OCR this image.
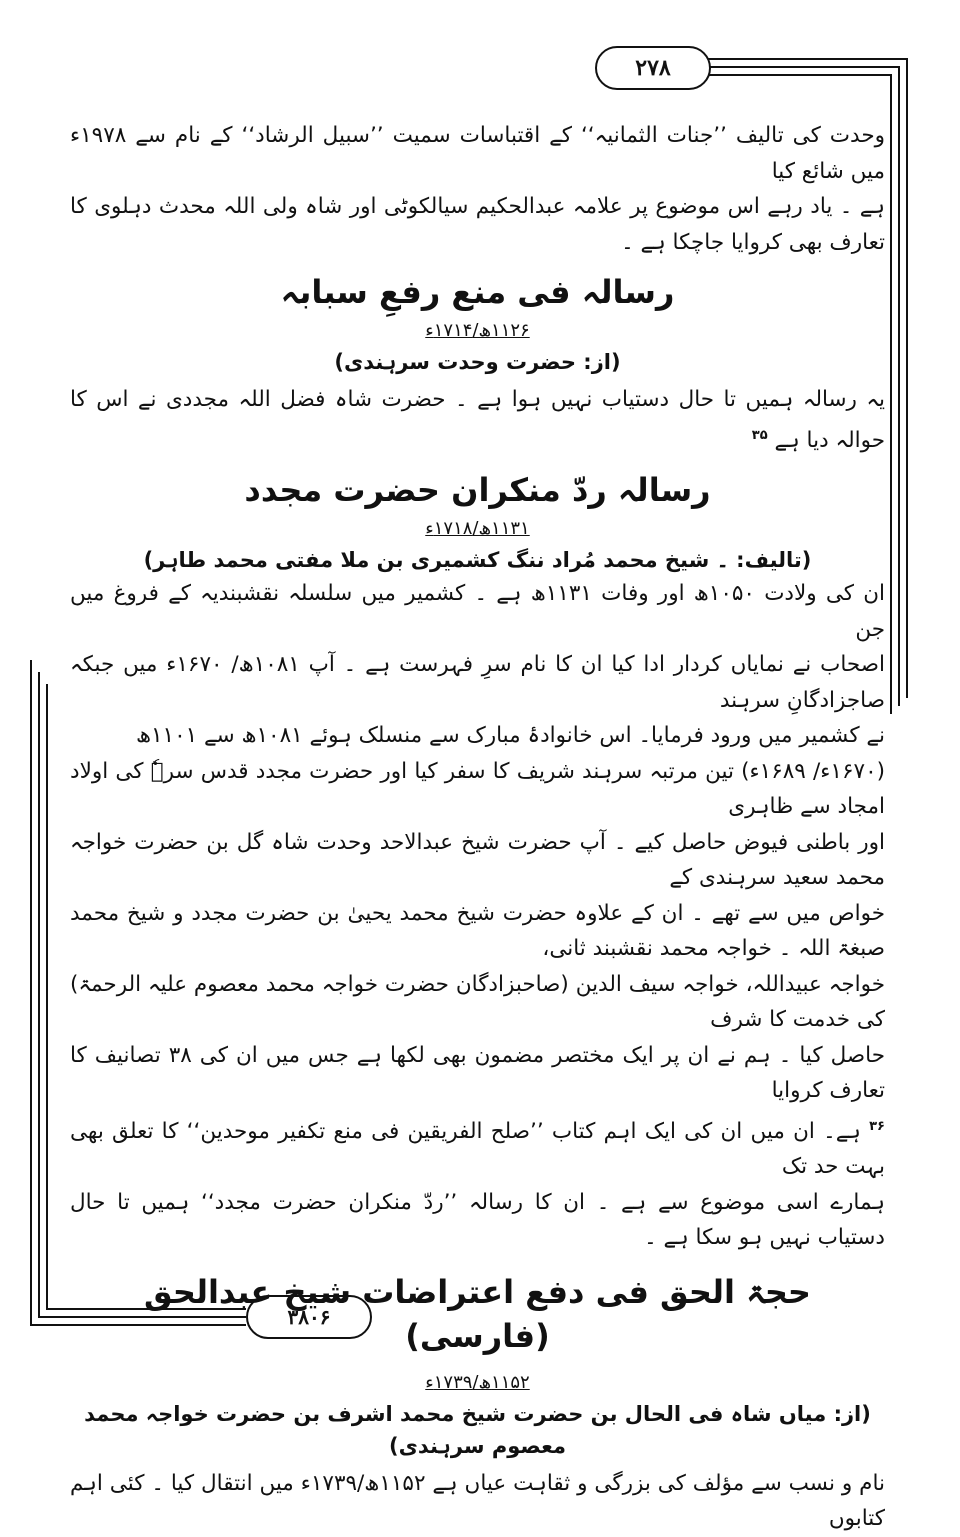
۲۷۸
۳۸۰۶

وحدت کی تالیف ’’جنات الثمانیہ‘‘ کے اقتباسات سمیت ’’سبیل الرشاد‘‘ کے نام سے ۱۹۷۸ء میں شائع کیا

ہے ۔ یاد رہے اس موضوع پر علامہ عبدالحکیم سیالکوٹی اور شاہ ولی اللہ محدث دہلوی کا تعارف بھی کروایا جاچکا ہے ۔

رسالہ فی منع رفعِ سبابہ
۱۱۲۶ھ/۱۷۱۴ء
(از: حضرت وحدت سرہندی)

یہ رسالہ ہمیں تا حال دستیاب نہیں ہوا ہے ۔ حضرت شاہ فضل اللہ مجددی نے اس کا حوالہ دیا ہے $^{۳۵}$

رسالہ ردّ منکران حضرت مجدد
۱۱۳۱ھ/۱۷۱۸ء
(تالیف: ۔ شیخ محمد مُراد ننگ کشمیری بن ملا مفتی محمد طاہر)

ان کی ولادت ۱۰۵۰ھ اور وفات ۱۱۳۱ھ ہے ۔ کشمیر میں سلسلہ نقشبندیہ کے فروغ میں جن

اصحاب نے نمایاں کردار ادا کیا ان کا نام سرِ فہرست ہے ۔ آپ ۱۰۸۱ھ/ ۱۶۷۰ء میں جبکہ صاجزادگانِ سرہند

نے کشمیر میں ورود فرمایا۔ اس خانوادۂ مبارک سے منسلک ہوئے ۱۰۸۱ھ سے ۱۱۰۱ھ

(۱۶۷۰ء/ ۱۶۸۹ء) تین مرتبہ سرہند شریف کا سفر کیا اور حضرت مجدد قدس سرہٗ کی اولاد امجاد سے ظاہری

اور باطنی فیوض حاصل کیے ۔ آپ حضرت شیخ عبدالاحد وحدت شاہ گل بن حضرت خواجہ محمد سعید سرہندی کے

خواص میں سے تھے ۔ ان کے علاوہ حضرت شیخ محمد یحییٰ بن حضرت مجدد و شیخ محمد صبغۃ اللہ ۔ خواجہ محمد نقشبند ثانی،

خواجہ عبیداللہ، خواجہ سیف الدین (صاحبزادگان حضرت خواجہ محمد معصوم علیہ الرحمۃ) کی خدمت کا شرف

حاصل کیا ۔ ہم نے ان پر ایک مختصر مضمون بھی لکھا ہے جس میں ان کی ۳۸ تصانیف کا تعارف کروایا

$^{۳۶}$ ہے۔ ان میں ان کی ایک اہم کتاب ’’صلح الفریقین فی منع تکفیر موحدین‘‘ کا تعلق بھی بہت حد تک

ہمارے اسی موضوع سے ہے ۔ ان کا رسالہ ’’ردّ منکران حضرت مجدد‘‘ ہمیں تا حال دستیاب نہیں ہو سکا ہے ۔

حجۃ الحق فی دفع اعتراضات شیخ عبدالحق (فارسی)
۱۱۵۲ھ/۱۷۳۹ء
(از: میاں شاہ فی الحال بن حضرت شیخ محمد اشرف بن حضرت خواجہ محمد معصوم سرہندی)

نام و نسب سے مؤلف کی بزرگی و ثقاہت عیاں ہے ۱۱۵۲ھ/۱۷۳۹ء میں انتقال کیا ۔ کئی اہم کتابوں
